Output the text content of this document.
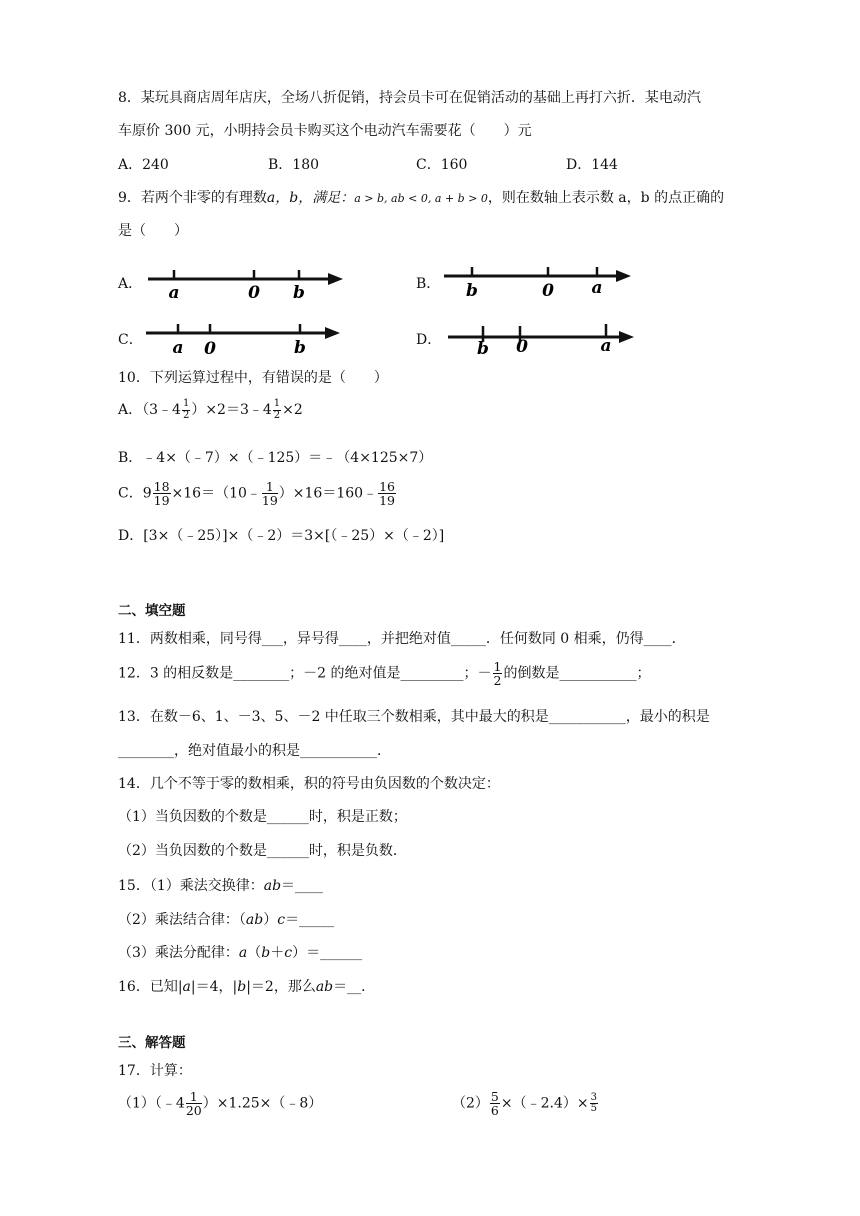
8．某玩具商店周年店庆，全场八折促销，持会员卡可在促销活动的基础上再打六折．某电动汽
车原价 300 元，小明持会员卡购买这个电动汽车需要花（　　）元
A．240	B．180	C．160	D．144
9．若两个非零的有理数a，b，满足：a > b, ab < 0, a + b > 0，则在数轴上表示数 a，b 的点正确的
是（　　）
A． a	0 b	B． b	0 a
C． a 0	b	D． b 0	a
10．下列运算过程中，有错误的是（　　）
A．（3﹣4 $\frac{1}{2}$ ）×2＝3﹣4 $\frac{1}{2} \times 2$
B．﹣4×（﹣7）×（﹣125）＝﹣（4×125×7）
C．$9 \frac{18}{19}$ ×16＝（10﹣ $\frac{1}{19}$ ）×16＝160﹣ $\frac{16}{19}$
D．[3×（﹣25）]×（﹣2）＝3×[（﹣25）×（﹣2）]
二、填空题
11．两数相乘，同号得___，异号得____，并把绝对值_____．任何数同 0 相乘，仍得____．
12．3 的相反数是________；－2 的绝对值是_________；－ $\frac{1}{2}$ 的倒数是___________；
13．在数－6、1、－3、5、－2 中任取三个数相乘，其中最大的积是___________，最小的积是
________，绝对值最小的积是___________．
14．几个不等于零的数相乘，积的符号由负因数的个数决定：
（1）当负因数的个数是______时，积是正数；
（2）当负因数的个数是______时，积是负数．
15．（1）乘法交换律：ab＝____
（2）乘法结合律：（ab）c＝_____
（3）乘法分配律：a（b＋c）＝______
16．已知|a|＝4，|b|＝2，那么ab＝__．
三、解答题
17．计算：
（1）（﹣4 $\frac{1}{20}$ ）×1.25×（﹣8）	$(2) \frac{5}{6}$ ×（﹣2.4）× $\frac{3}{5}$
